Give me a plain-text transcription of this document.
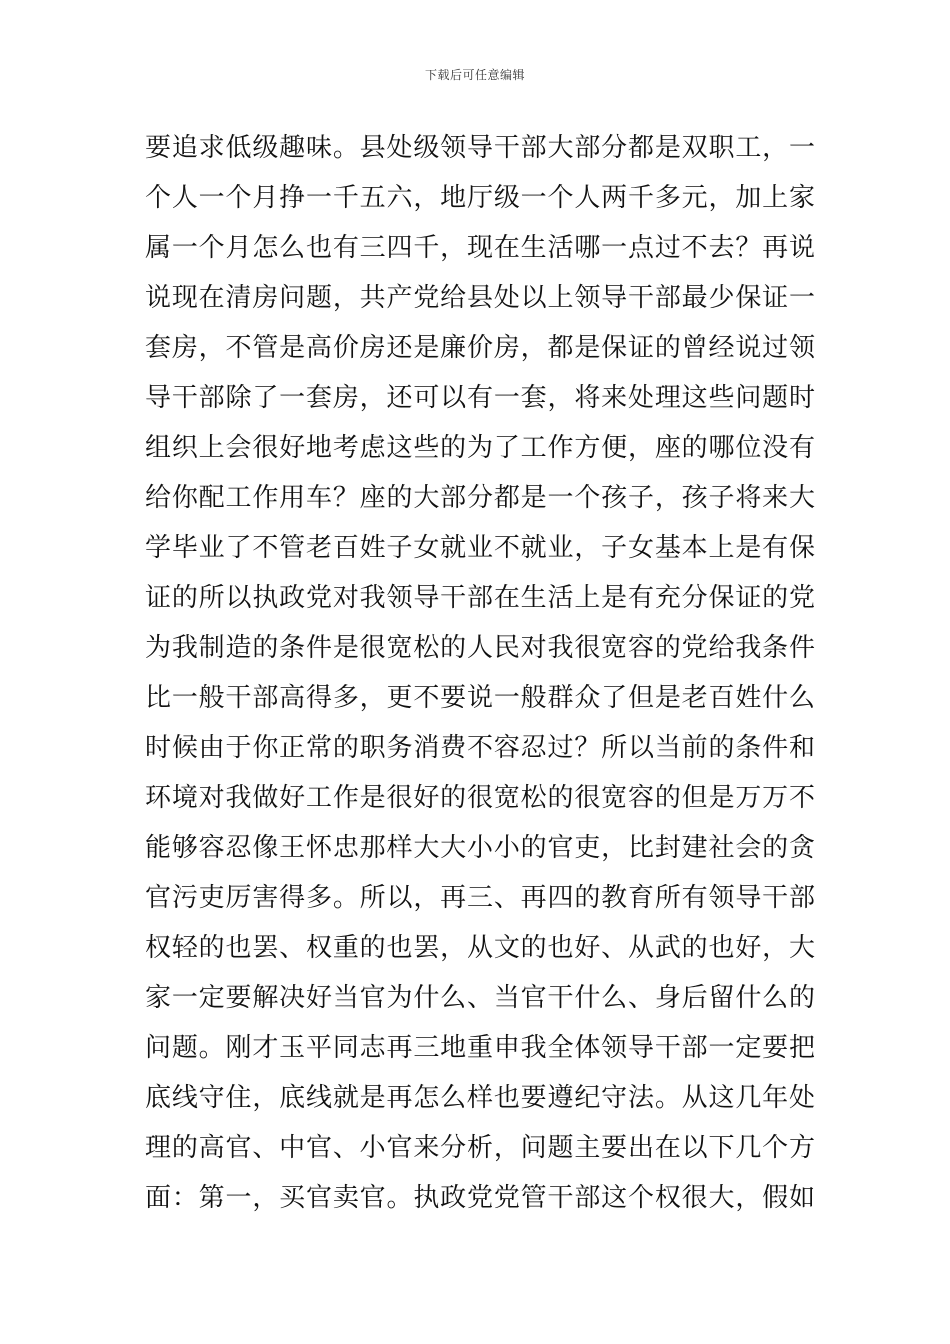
下载后可任意编辑
要追求低级趣味。县处级领导干部大部分都是双职工，一
个人一个月挣一千五六，地厅级一个人两千多元，加上家
属一个月怎么也有三四千，现在生活哪一点过不去？再说
说现在清房问题，共产党给县处以上领导干部最少保证一
套房，不管是高价房还是廉价房，都是保证的曾经说过领
导干部除了一套房，还可以有一套，将来处理这些问题时
组织上会很好地考虑这些的为了工作方便，座的哪位没有
给你配工作用车？座的大部分都是一个孩子，孩子将来大
学毕业了不管老百姓子女就业不就业，子女基本上是有保
证的所以执政党对我领导干部在生活上是有充分保证的党
为我制造的条件是很宽松的人民对我很宽容的党给我条件
比一般干部高得多，更不要说一般群众了但是老百姓什么
时候由于你正常的职务消费不容忍过？所以当前的条件和
环境对我做好工作是很好的很宽松的很宽容的但是万万不
能够容忍像王怀忠那样大大小小的官吏，比封建社会的贪
官污吏厉害得多。所以，再三、再四的教育所有领导干部
权轻的也罢、权重的也罢，从文的也好、从武的也好，大
家一定要解决好当官为什么、当官干什么、身后留什么的
问题。刚才玉平同志再三地重申我全体领导干部一定要把
底线守住，底线就是再怎么样也要遵纪守法。从这几年处
理的高官、中官、小官来分析，问题主要出在以下几个方
面：第一，买官卖官。执政党党管干部这个权很大，假如
